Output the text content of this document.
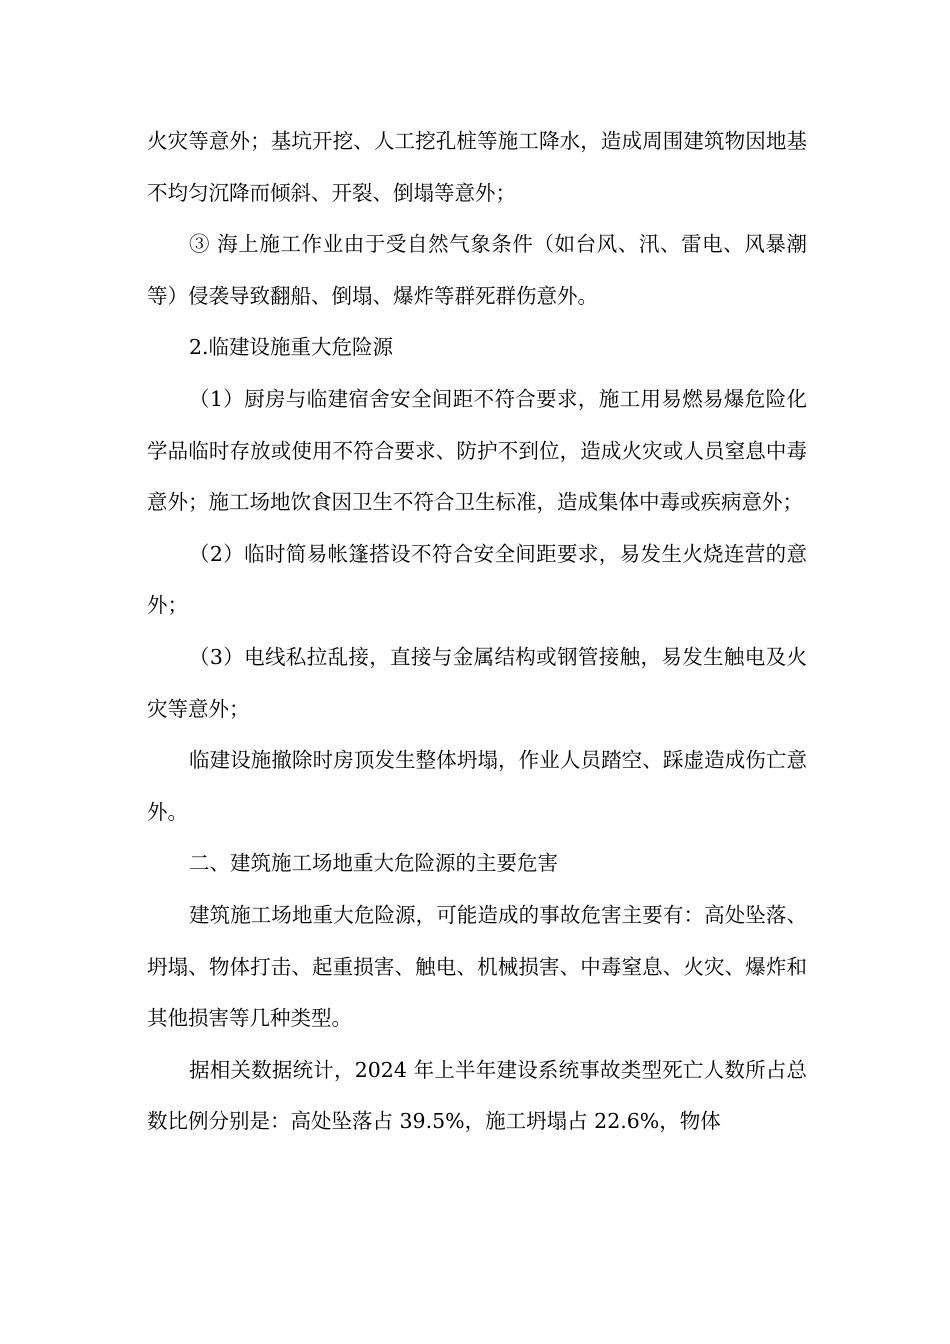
火灾等意外；基坑开挖、人工挖孔桩等施工降水，造成周围建筑物因地基不均匀沉降而倾斜、开裂、倒塌等意外；

③ 海上施工作业由于受自然气象条件（如台风、汛、雷电、风暴潮等）侵袭导致翻船、倒塌、爆炸等群死群伤意外。

2.临建设施重大危险源

（1）厨房与临建宿舍安全间距不符合要求，施工用易燃易爆危险化学品临时存放或使用不符合要求、防护不到位，造成火灾或人员窒息中毒意外；施工场地饮食因卫生不符合卫生标准，造成集体中毒或疾病意外；

（2）临时简易帐篷搭设不符合安全间距要求，易发生火烧连营的意外；

（3）电线私拉乱接，直接与金属结构或钢管接触，易发生触电及火灾等意外；

临建设施撤除时房顶发生整体坍塌，作业人员踏空、踩虚造成伤亡意外。

二、建筑施工场地重大危险源的主要危害

建筑施工场地重大危险源，可能造成的事故危害主要有：高处坠落、坍塌、物体打击、起重损害、触电、机械损害、中毒窒息、火灾、爆炸和其他损害等几种类型。

据相关数据统计，2024 年上半年建设系统事故类型死亡人数所占总数比例分别是：高处坠落占 39.5%，施工坍塌占 22.6%，物体
